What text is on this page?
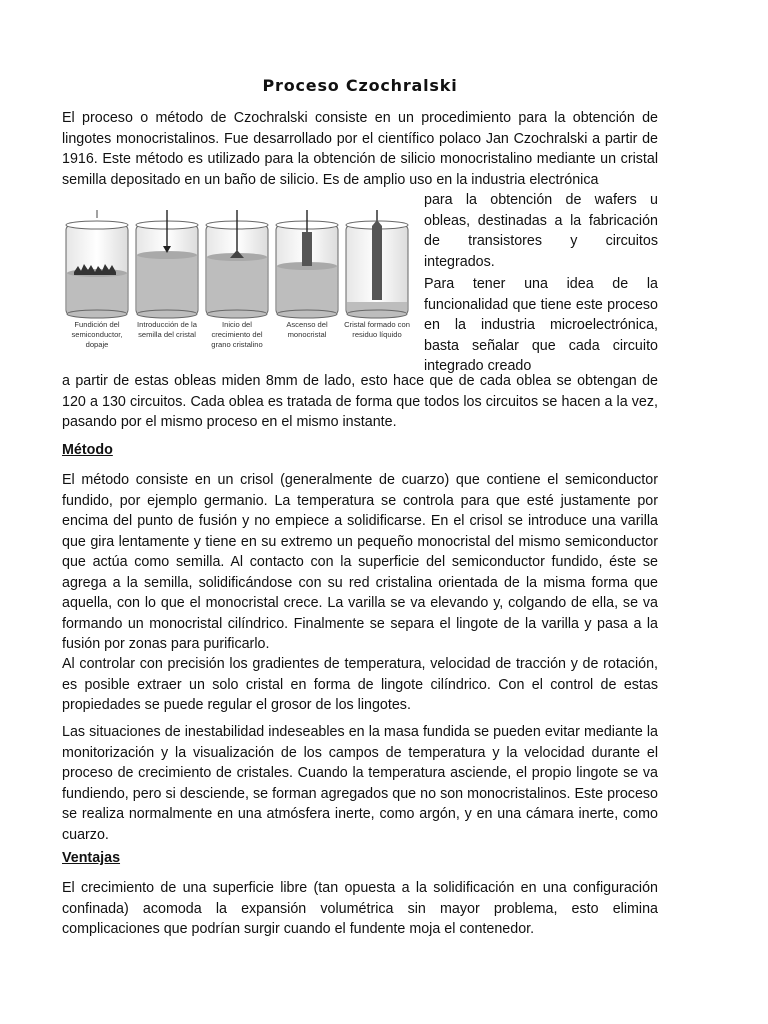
Proceso Czochralski

El proceso o método de Czochralski consiste en un procedimiento para la obtención de lingotes monocristalinos. Fue desarrollado por el científico polaco Jan Czochralski a partir de 1916. Este método es utilizado para la obtención de silicio monocristalino mediante un cristal semilla depositado en un baño de silicio. Es de amplio uso en la industria electrónica

Fundición del semiconductor, dopaje
Introducción de la semilla del cristal
Inicio del crecimiento del grano cristalino
Ascenso del monocristal
Cristal formado con residuo líquido

para la obtención de wafers u obleas, destinadas a la fabricación de transistores y circuitos integrados.

Para tener una idea de la funcionalidad que tiene este proceso en la industria microelectrónica, basta señalar que cada circuito integrado creado

a partir de estas obleas miden 8mm de lado, esto hace que de cada oblea se obtengan de 120 a 130 circuitos. Cada oblea es tratada de forma que todos los circuitos se hacen a la vez, pasando por el mismo proceso en el mismo instante.

Método

El método consiste en un crisol (generalmente de cuarzo) que contiene el semiconductor fundido, por ejemplo germanio. La temperatura se controla para que esté justamente por encima del punto de fusión y no empiece a solidificarse. En el crisol se introduce una varilla que gira lentamente y tiene en su extremo un pequeño monocristal del mismo semiconductor que actúa como semilla. Al contacto con la superficie del semiconductor fundido, éste se agrega a la semilla, solidificándose con su red cristalina orientada de la misma forma que aquella, con lo que el monocristal crece. La varilla se va elevando y, colgando de ella, se va formando un monocristal cilíndrico. Finalmente se separa el lingote de la varilla y pasa a la fusión por zonas para purificarlo.

Al controlar con precisión los gradientes de temperatura, velocidad de tracción y de rotación, es posible extraer un solo cristal en forma de lingote cilíndrico. Con el control de estas propiedades se puede regular el grosor de los lingotes.

Las situaciones de inestabilidad indeseables en la masa fundida se pueden evitar mediante la monitorización y la visualización de los campos de temperatura y la velocidad durante el proceso de crecimiento de cristales. Cuando la temperatura asciende, el propio lingote se va fundiendo, pero si desciende, se forman agregados que no son monocristalinos. Este proceso se realiza normalmente en una atmósfera inerte, como argón, y en una cámara inerte, como cuarzo.

Ventajas

El crecimiento de una superficie libre (tan opuesta a la solidificación en una configuración confinada) acomoda la expansión volumétrica sin mayor problema, esto elimina complicaciones que podrían surgir cuando el fundente moja el contenedor.
